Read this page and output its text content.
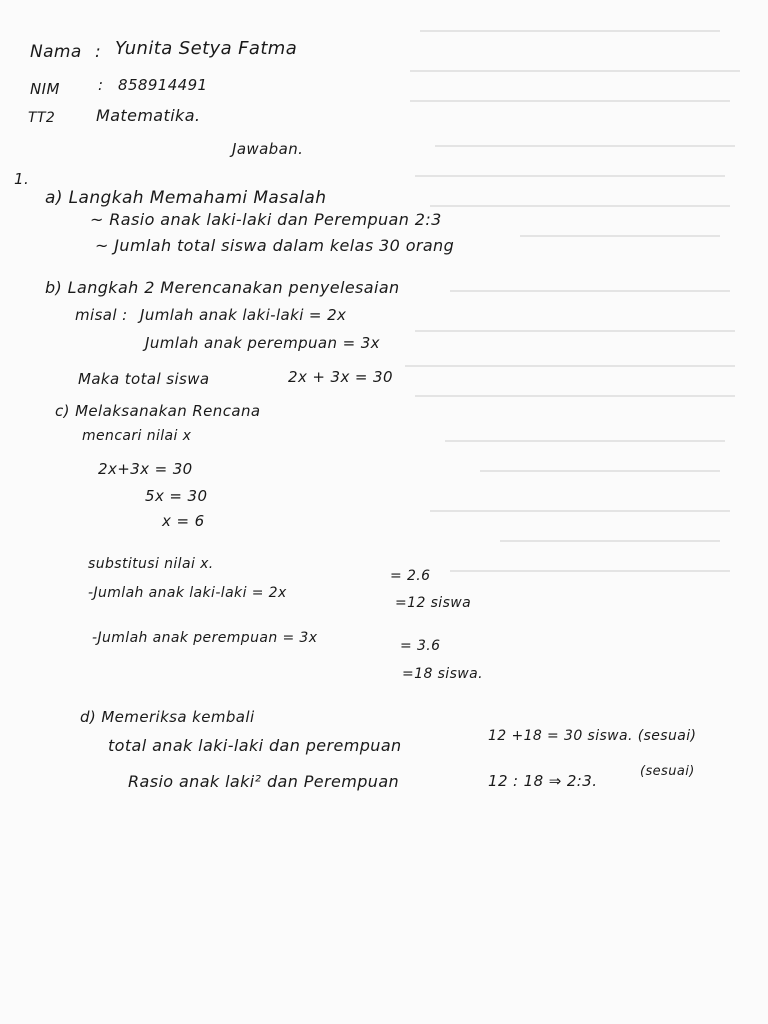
Nama : Yunita Setya Fatma
NIM	: 858914491
TT2	Matematika.
Jawaban.
1.
a) Langkah Memahami Masalah
~ Rasio anak laki-laki dan Perempuan 2:3
~ Jumlah total siswa dalam kelas 30 orang
b) Langkah 2 Merencanakan penyelesaian
misal : Jumlah anak laki-laki = 2x
Jumlah anak perempuan = 3x
Maka total siswa	2x + 3x = 30
c) Melaksanakan Rencana
mencari nilai x
2x+3x = 30
5x = 30
x = 6
substitusi nilai x.
-Jumlah anak laki-laki = 2x
= 2.6
=12 siswa
-Jumlah anak perempuan = 3x	= 3.6
=18 siswa.
d) Memeriksa kembali
total anak laki-laki dan perempuan	12 +18 = 30 siswa. (sesuai)
Rasio anak laki² dan Perempuan	12 : 18 ⇒ 2:3.
(sesuai)
